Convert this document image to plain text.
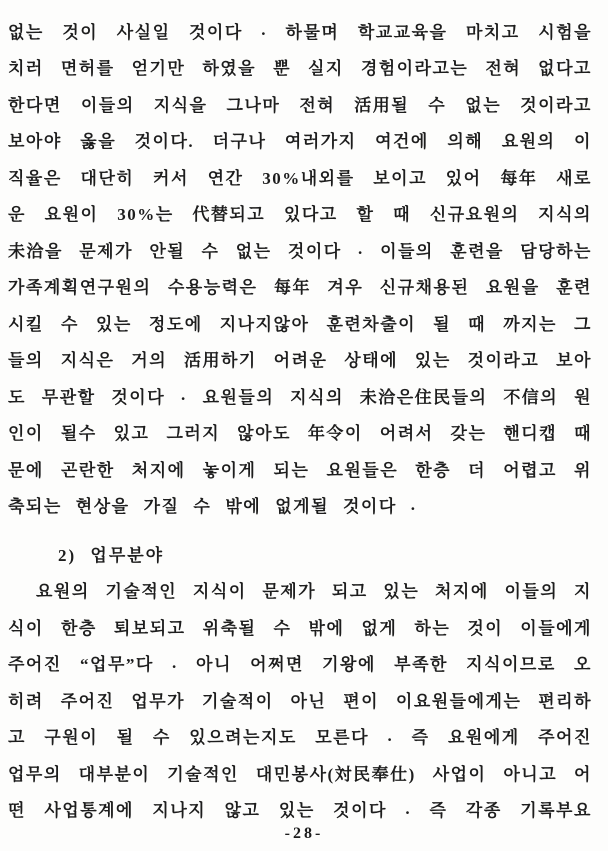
없는 것이 사실일 것이다 . 하물며 학교교육을 마치고 시험을
치러 면허를 얻기만 하였을 뿐 실지 경험이라고는 전혀 없다고
한다면 이들의 지식을 그나마 전혀 活用될 수 없는 것이라고
보아야 옳을 것이다. 더구나 여러가지 여건에 의해 요원의 이
직율은 대단히 커서 연간 30%내외를 보이고 있어 每年 새로
운 요원이 30%는 代替되고 있다고 할 때 신규요원의 지식의
未洽을 문제가 안될 수 없는 것이다 . 이들의 훈련을 담당하는
가족계획연구원의 수용능력은 每年 겨우 신규채용된 요원을 훈련
시킬 수 있는 정도에 지나지않아 훈련차출이 될 때 까지는 그
들의 지식은 거의 活用하기 어려운 상태에 있는 것이라고 보아
도 무관할 것이다 . 요원들의 지식의 未洽은住民들의 不信의 원
인이 될수 있고 그러지 않아도 年令이 어려서 갖는 핸디캡 때
문에 곤란한 처지에 놓이게 되는 요원들은 한층 더 어렵고 위
축되는 현상을 가질 수 밖에 없게될 것이다 .
2) 업무분야
요원의 기술적인 지식이 문제가 되고 있는 처지에 이들의 지
식이 한층 퇴보되고 위축될 수 밖에 없게 하는 것이 이들에게
주어진 “업무”다 . 아니 어쩌면 기왕에 부족한 지식이므로 오
히려 주어진 업무가 기술적이 아닌 편이 이요원들에게는 편리하
고 구원이 될 수 있으려는지도 모른다 . 즉 요원에게 주어진
업무의 대부분이 기술적인 대민봉사(対民奉仕) 사업이 아니고 어
떤 사업통계에 지나지 않고 있는 것이다 . 즉 각종 기록부요
-28-
